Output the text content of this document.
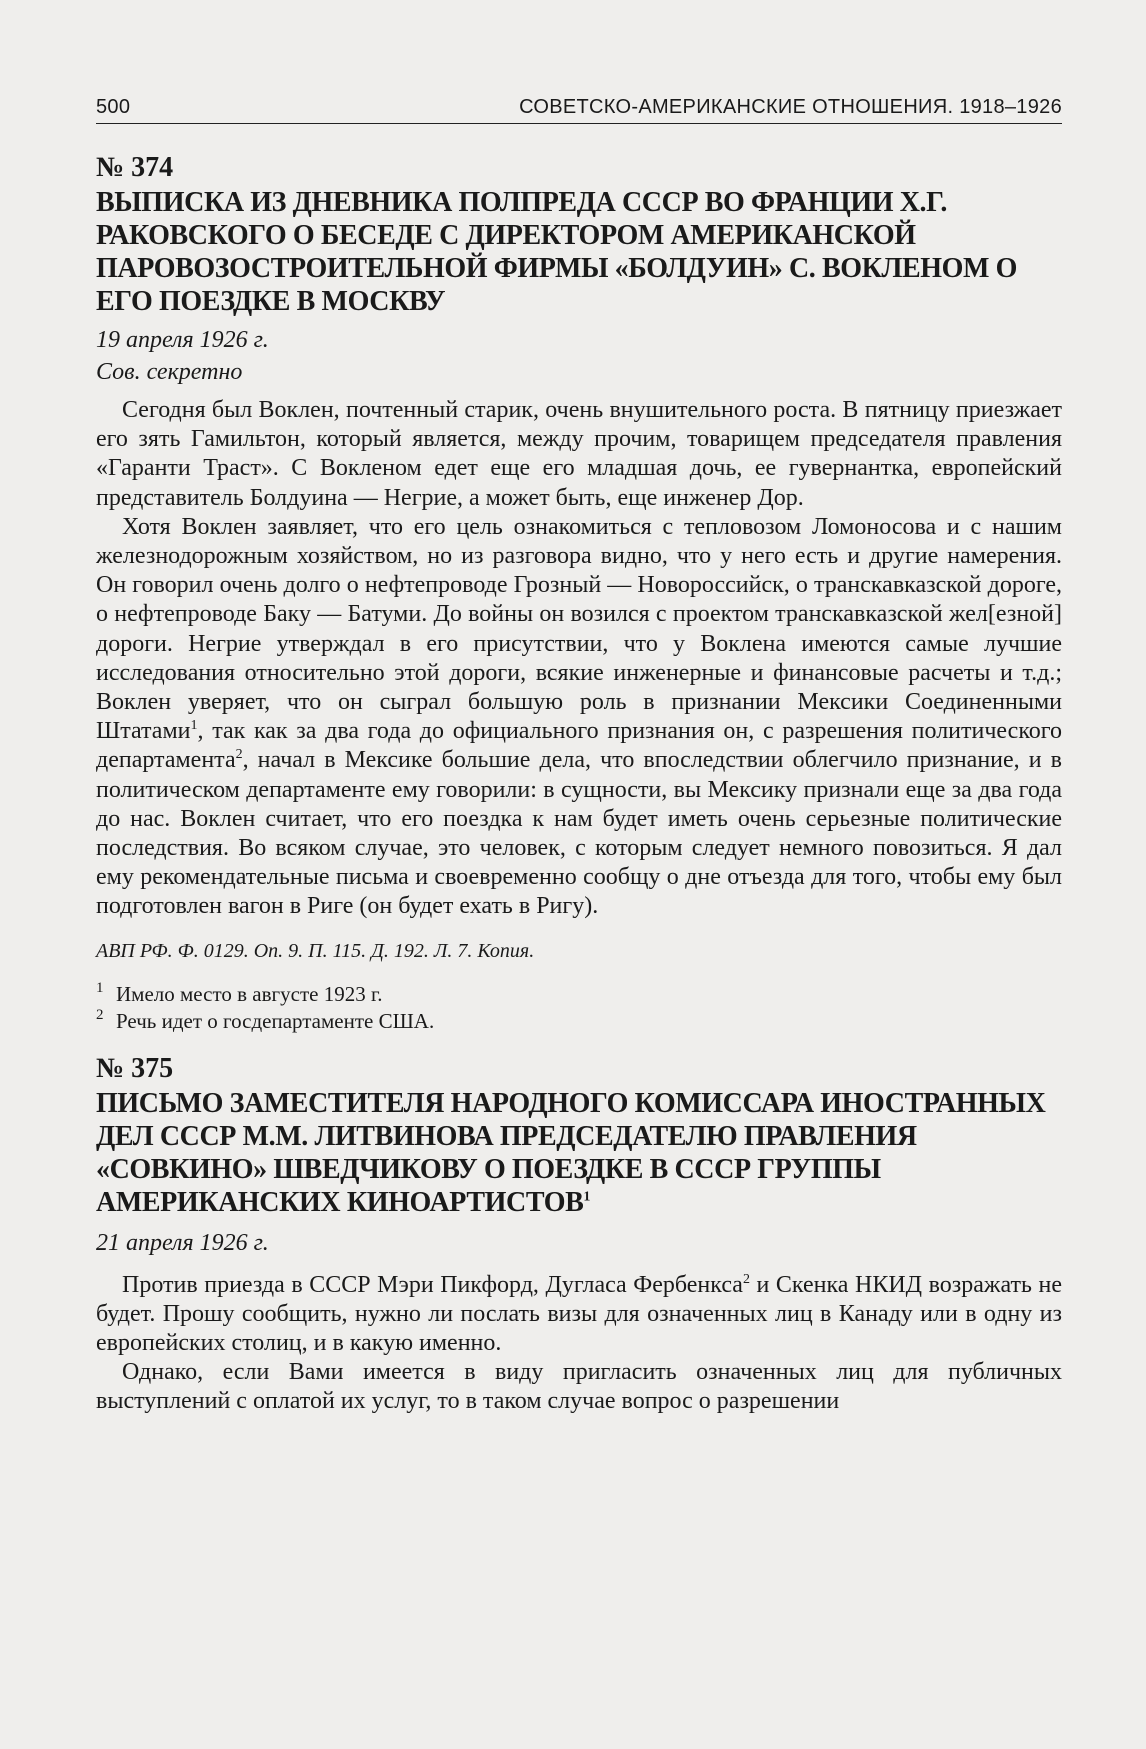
500	СОВЕТСКО-АМЕРИКАНСКИЕ ОТНОШЕНИЯ. 1918–1926

№ 374

ВЫПИСКА ИЗ ДНЕВНИКА ПОЛПРЕДА СССР ВО ФРАНЦИИ Х.Г. РАКОВСКОГО О БЕСЕДЕ С ДИРЕКТОРОМ АМЕРИКАНСКОЙ ПАРОВОЗОСТРОИТЕЛЬНОЙ ФИРМЫ «БОЛДУИН» С. ВОКЛЕНОМ О ЕГО ПОЕЗДКЕ В МОСКВУ

19 апреля 1926 г.

Сов. секретно

Сегодня был Воклен, почтенный старик, очень внушительного роста. В пятницу приезжает его зять Гамильтон, который является, между прочим, товарищем председателя правления «Гаранти Траст». С Вокленом едет еще его младшая дочь, ее гувернантка, европейский представитель Болдуина — Негрие, а может быть, еще инженер Дор.

Хотя Воклен заявляет, что его цель ознакомиться с тепловозом Ломоносова и с нашим железнодорожным хозяйством, но из разговора видно, что у него есть и другие намерения. Он говорил очень долго о нефтепроводе Грозный — Новороссийск, о транскавказской дороге, о нефтепроводе Баку — Батуми. До войны он возился с проектом транскавказской жел[езной] дороги. Негрие утверждал в его присутствии, что у Воклена имеются самые лучшие исследования относительно этой дороги, всякие инженерные и финансовые расчеты и т.д.; Воклен уверяет, что он сыграл большую роль в признании Мексики Соединенными Штатами$^1$, так как за два года до официального признания он, с разрешения политического департамента$^2$, начал в Мексике большие дела, что впоследствии облегчило признание, и в политическом департаменте ему говорили: в сущности, вы Мексику признали еще за два года до нас. Воклен считает, что его поездка к нам будет иметь очень серьезные политические последствия. Во всяком случае, это человек, с которым следует немного повозиться. Я дал ему рекомендательные письма и своевременно сообщу о дне отъезда для того, чтобы ему был подготовлен вагон в Риге (он будет ехать в Ригу).

АВП РФ. Ф. 0129. Оп. 9. П. 115. Д. 192. Л. 7. Копия.

1 Имело место в августе 1923 г.

2 Речь идет о госдепартаменте США.

№ 375

ПИСЬМО ЗАМЕСТИТЕЛЯ НАРОДНОГО КОМИССАРА ИНОСТРАННЫХ ДЕЛ СССР М.М. ЛИТВИНОВА ПРЕДСЕДАТЕЛЮ ПРАВЛЕНИЯ «СОВКИНО» ШВЕДЧИКОВУ О ПОЕЗДКЕ В СССР ГРУППЫ АМЕРИКАНСКИХ КИНОАРТИСТОВ$^1$

21 апреля 1926 г.

Против приезда в СССР Мэри Пикфорд, Дугласа Фербенкса$^2$ и Скенка НКИД возражать не будет. Прошу сообщить, нужно ли послать визы для означенных лиц в Канаду или в одну из европейских столиц, и в какую именно.

Однако, если Вами имеется в виду пригласить означенных лиц для публичных выступлений с оплатой их услуг, то в таком случае вопрос о разрешении
